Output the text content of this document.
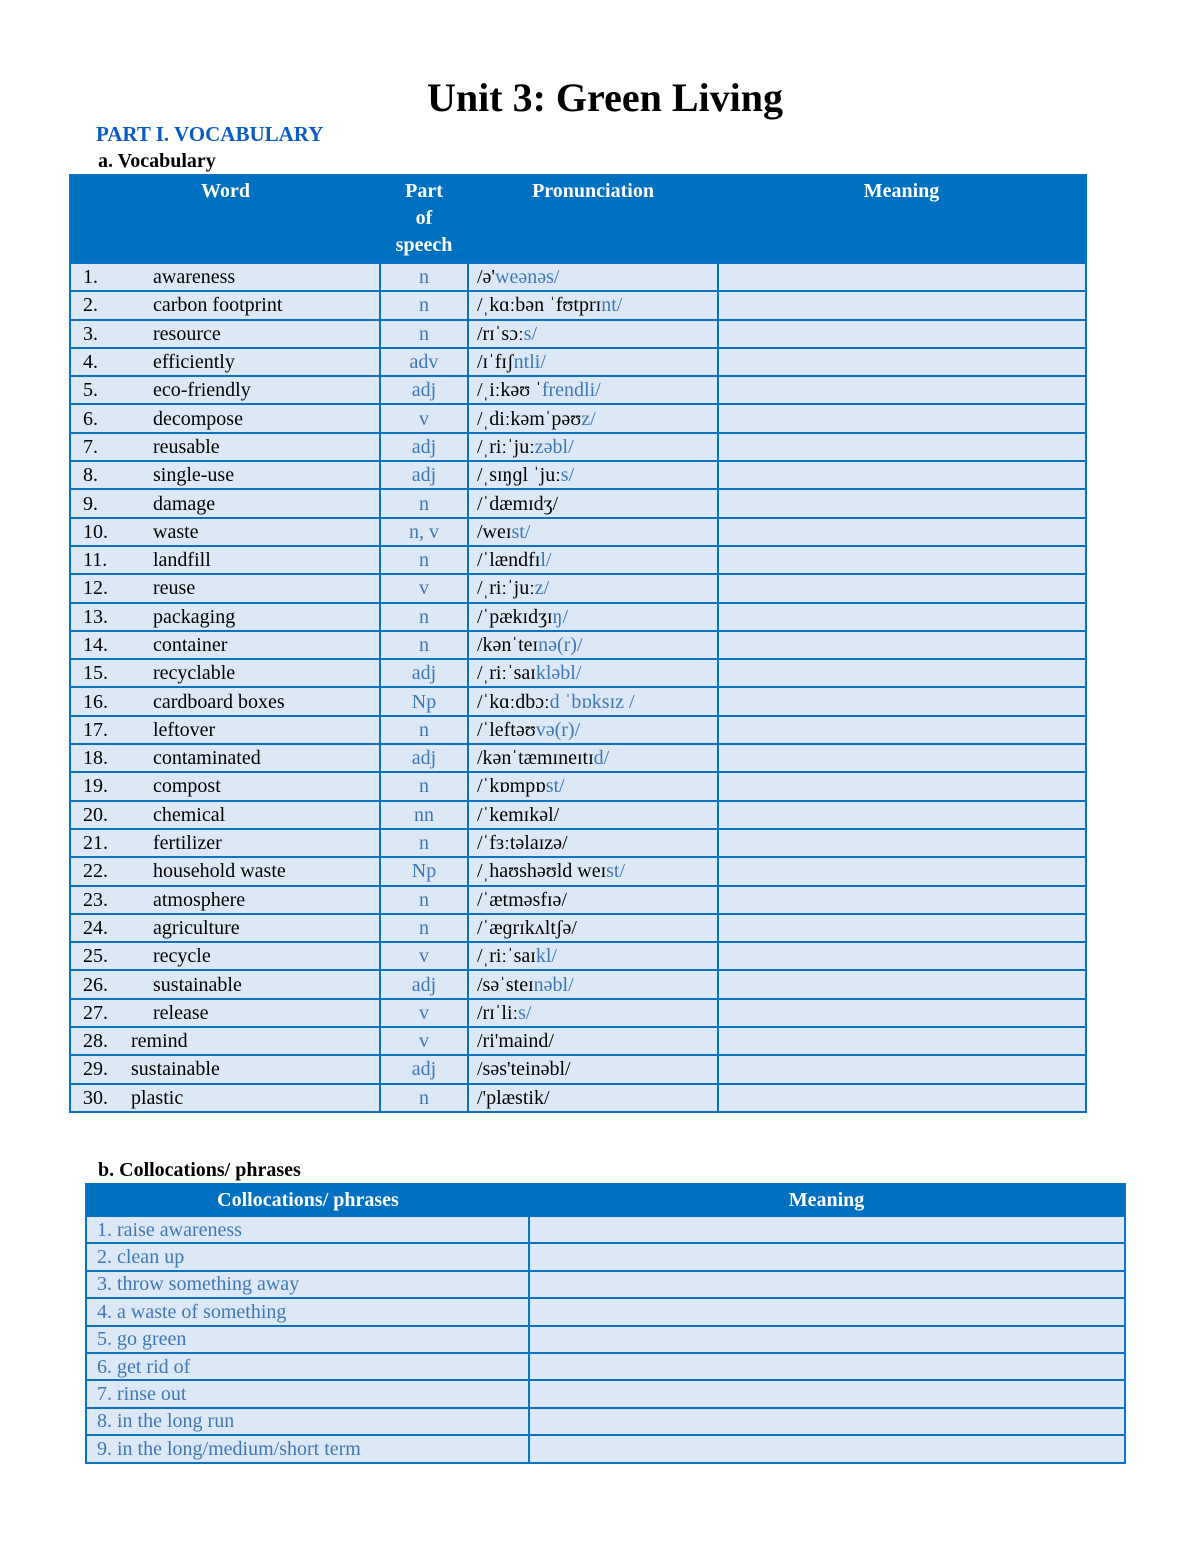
Unit 3: Green Living
PART I. VOCABULARY
a. Vocabulary
Word	Part
of
speech	Pronunciation	Meaning
1. awareness	n	/ə'weənəs/	
2. carbon footprint	n	/ˌkɑːbən ˈfʊtprɪnt/	
3. resource	n	/rɪˈsɔːs/	
4. efficiently	adv	/ɪˈfɪʃntli/	
5. eco-friendly	adj	/ˌiːkəʊ ˈfrendli/	
6. decompose	v	/ˌdiːkəmˈpəʊz/	
7. reusable	adj	/ˌriːˈjuːzəbl/	
8. single-use	adj	/ˌsɪŋɡl ˈjuːs/	
9. damage	n	/ˈdæmɪdʒ/	
10. waste	n, v	/weɪst/	
11. landfill	n	/ˈlændfɪl/	
12. reuse	v	/ˌriːˈjuːz/	
13. packaging	n	/ˈpækɪdʒɪŋ/	
14. container	n	/kənˈteɪnə(r)/	
15. recyclable	adj	/ˌriːˈsaɪkləbl/	
16. cardboard boxes	Np	/ˈkɑːdbɔːd ˈbɒksɪz /	
17. leftover	n	/ˈleftəʊvə(r)/	
18. contaminated	adj	/kənˈtæmɪneɪtɪd/	
19. compost	n	/ˈkɒmpɒst/	
20. chemical	nn	/ˈkemɪkəl/	
21. fertilizer	n	/ˈfɜːtəlaɪzə/	
22. household waste	Np	/ˌhaʊshəʊld weɪst/	
23. atmosphere	n	/ˈætməsfɪə/	
24. agriculture	n	/ˈæɡrɪkʌltʃə/	
25. recycle	v	/ˌriːˈsaɪkl/	
26. sustainable	adj	/səˈsteɪnəbl/	
27. release	v	/rɪˈliːs/	
28. remind	v	/ri'maind/	
29. sustainable	adj	/səs'teinəbl/	
30. plastic	n	/'plæstik/	
b. Collocations/ phrases
Collocations/ phrases	Meaning
1. raise awareness	
2. clean up	
3. throw something away	
4. a waste of something	
5. go green	
6. get rid of	
7. rinse out	
8. in the long run	
9. in the long/medium/short term	
